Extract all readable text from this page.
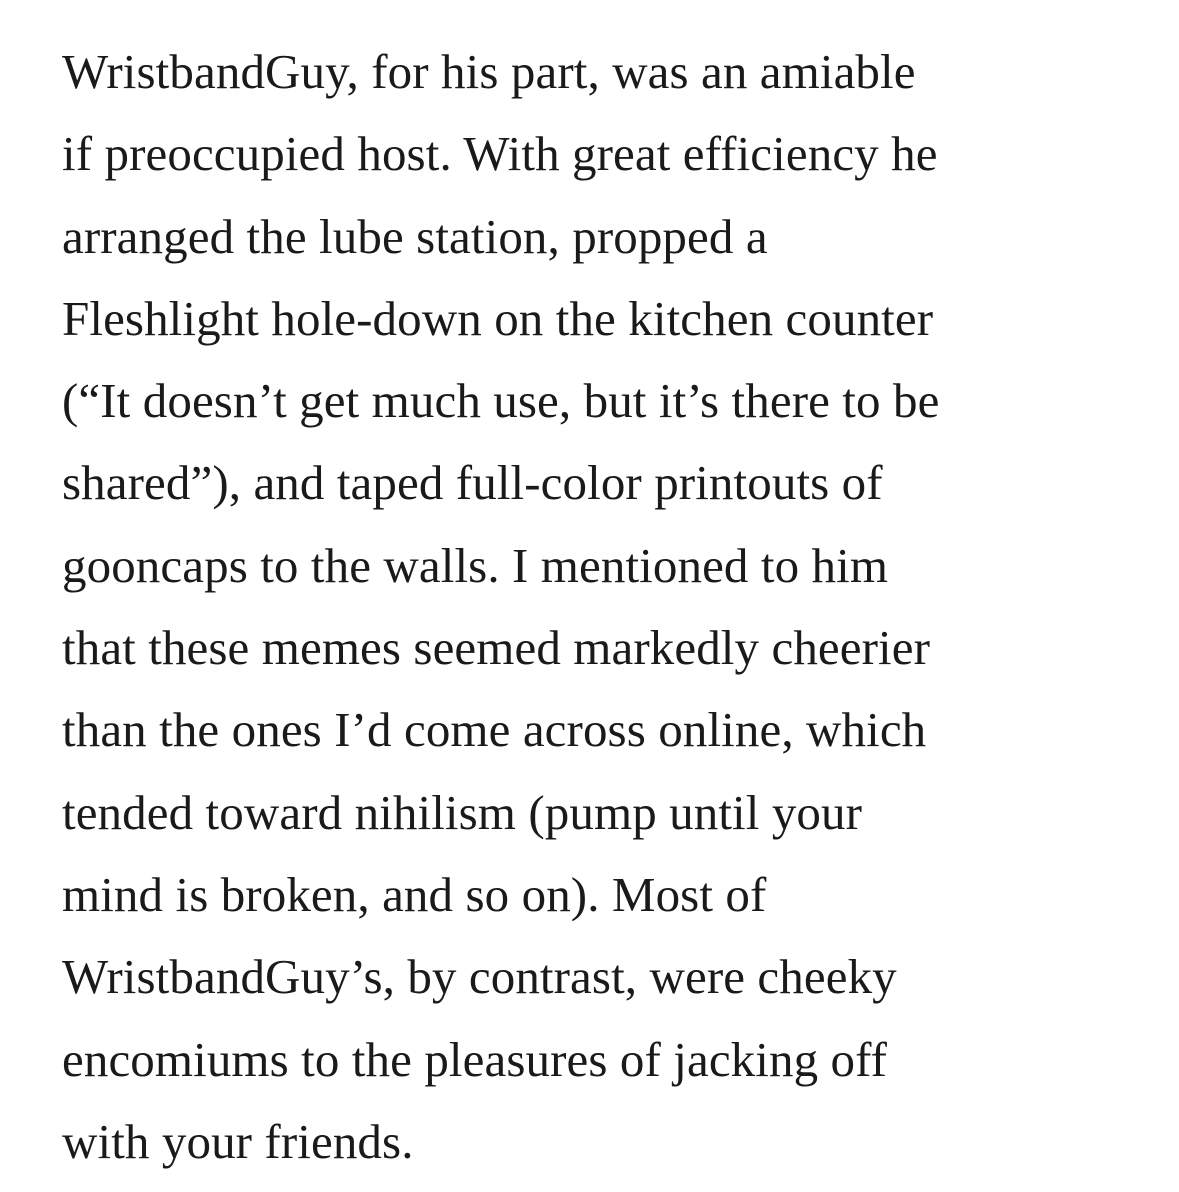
WristbandGuy, for his part, was an amiable
if preoccupied host. With great efficiency he
arranged the lube station, propped a
Fleshlight hole-down on the kitchen counter
(“It doesn’t get much use, but it’s there to be
shared”), and taped full-color printouts of
gooncaps to the walls. I mentioned to him
that these memes seemed markedly cheerier
than the ones I’d come across online, which
tended toward nihilism (pump until your
mind is broken, and so on). Most of
WristbandGuy’s, by contrast, were cheeky
encomiums to the pleasures of jacking off
with your friends.
